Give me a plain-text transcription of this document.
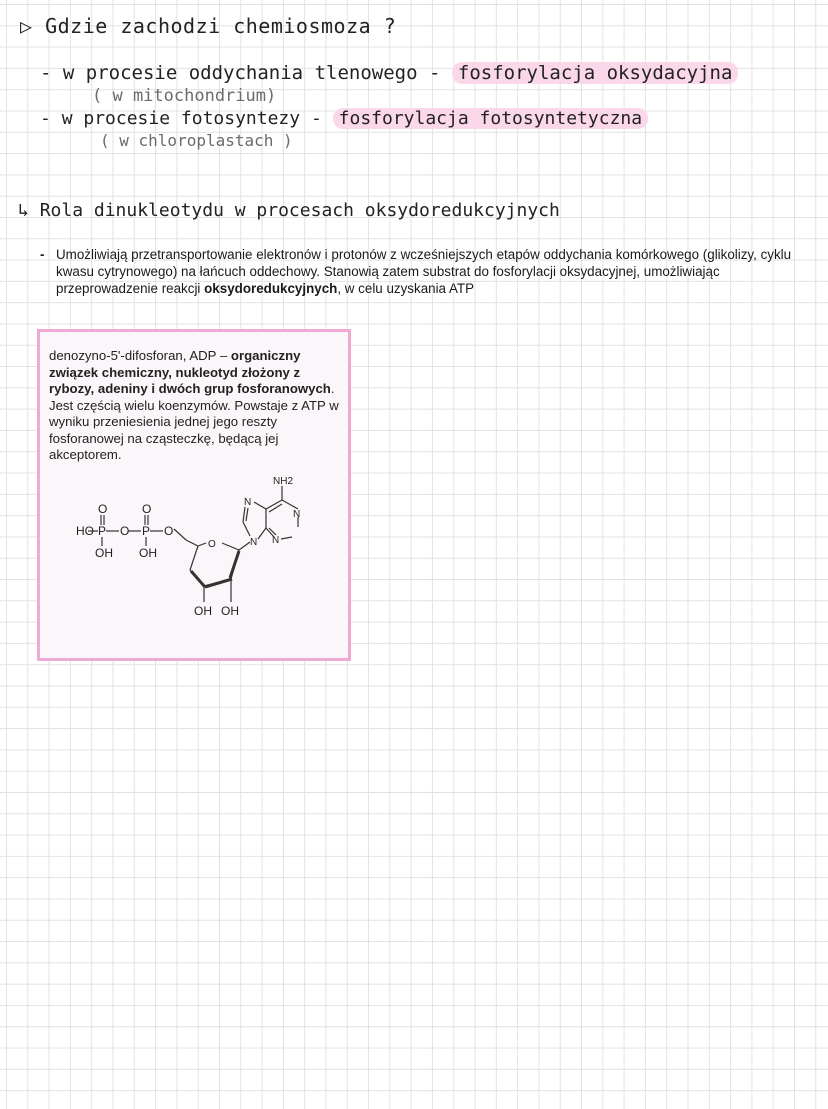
▷ Gdzie zachodzi chemiosmoza ?
- w procesie oddychania tlenowego - fosforylacja oksydacyjna
( w mitochondrium)
- w procesie fotosyntezy - fosforylacja fotosyntetyczna
( w chloroplastach )
↳ Rola dinukleotydu w procesach oksydoredukcyjnych
- Umożliwiają przetransportowanie elektronów i protonów z wcześniejszych etapów oddychania komórkowego (glikolizy, cyklu kwasu cytrynowego) na łańcuch oddechowy. Stanowią zatem substrat do fosforylacji oksydacyjnej, umożliwiając przeprowadzenie reakcji oksydoredukcyjnych, w celu uzyskania ATP
denozyno-5'-difosforan, ADP – organiczny związek chemiczny, nukleotyd złożony z rybozy, adeniny i dwóch grup fosforanowych. Jest częścią wielu koenzymów. Powstaje z ATP w wyniku przeniesienia jednej jego reszty fosforanowej na cząsteczkę, będącą jej akceptorem.
HO P O P O
O	O
OH OH
O
OH OH
N
N
N
N
NH2
